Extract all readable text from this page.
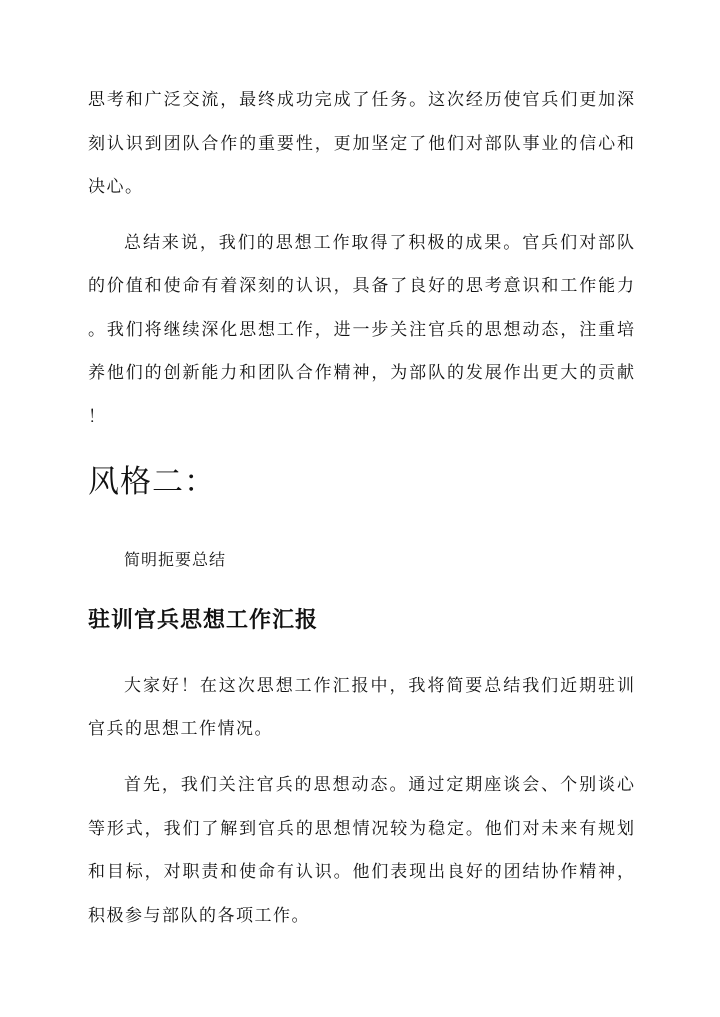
思考和广泛交流，最终成功完成了任务。这次经历使官兵们更加深
刻认识到团队合作的重要性，更加坚定了他们对部队事业的信心和
决心。
总结来说，我们的思想工作取得了积极的成果。官兵们对部队
的价值和使命有着深刻的认识，具备了良好的思考意识和工作能力
。我们将继续深化思想工作，进一步关注官兵的思想动态，注重培
养他们的创新能力和团队合作精神，为部队的发展作出更大的贡献
！
风格二：
简明扼要总结
驻训官兵思想工作汇报
大家好！在这次思想工作汇报中，我将简要总结我们近期驻训
官兵的思想工作情况。
首先，我们关注官兵的思想动态。通过定期座谈会、个别谈心
等形式，我们了解到官兵的思想情况较为稳定。他们对未来有规划
和目标，对职责和使命有认识。他们表现出良好的团结协作精神，
积极参与部队的各项工作。
